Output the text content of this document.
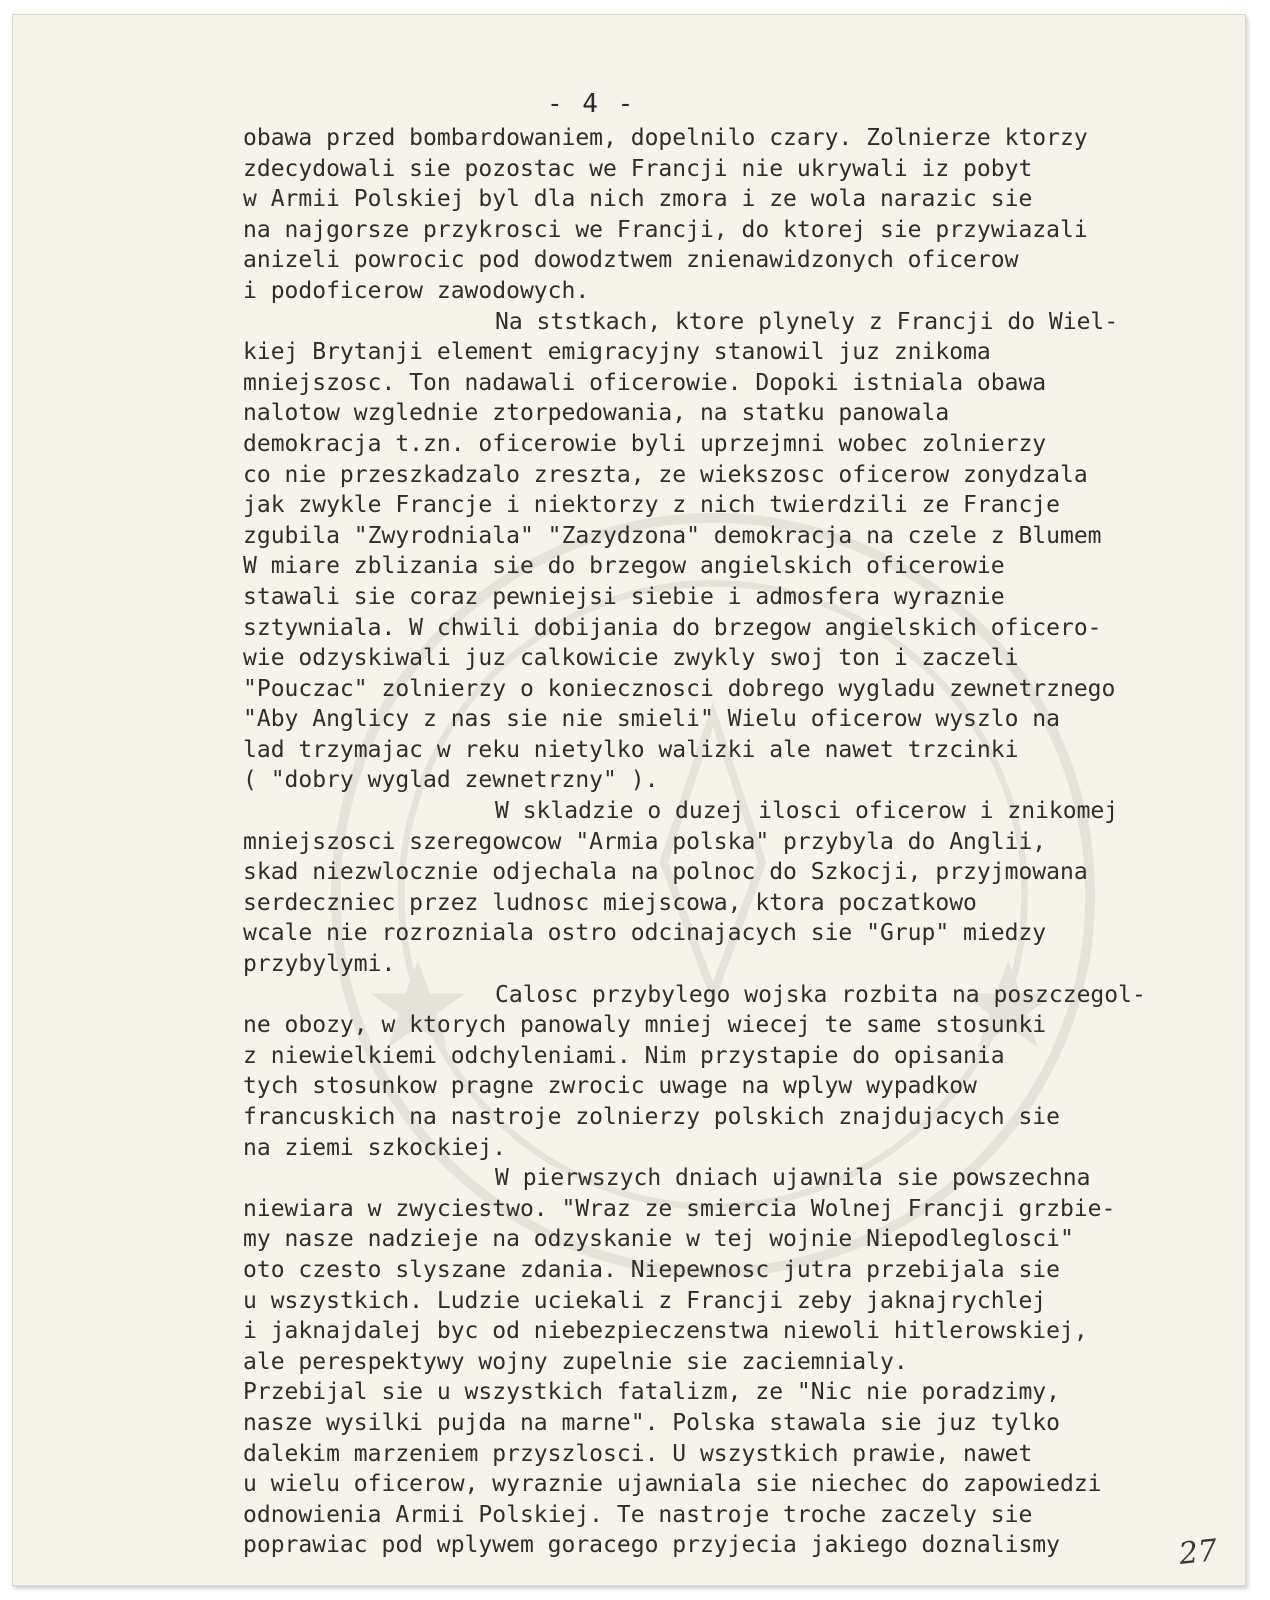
- 4 -
obawa przed bombardowaniem, dopelnilo czary. Zolnierze ktorzy
zdecydowali sie pozostac we Francji nie ukrywali iz pobyt
w Armii Polskiej byl dla nich zmora i ze wola narazic sie
na najgorsze przykrosci we Francji, do ktorej sie przywiazali
anizeli powrocic pod dowodztwem znienawidzonych oficerow
i podoficerow zawodowych.
Na ststkach, ktore plynely z Francji do Wiel-
kiej Brytanji element emigracyjny stanowil juz znikoma
mniejszosc. Ton nadawali oficerowie. Dopoki istniala obawa
nalotow wzglednie ztorpedowania, na statku panowala
demokracja t.zn. oficerowie byli uprzejmni wobec zolnierzy
co nie przeszkadzalo zreszta, ze wiekszosc oficerow zonydzala
jak zwykle Francje i niektorzy z nich twierdzili ze Francje
zgubila "Zwyrodniala" "Zazydzona" demokracja na czele z Blumem
W miare zblizania sie do brzegow angielskich oficerowie
stawali sie coraz pewniejsi siebie i admosfera wyraznie
sztywniala. W chwili dobijania do brzegow angielskich oficero-
wie odzyskiwali juz calkowicie zwykly swoj ton i zaczeli
"Pouczac" zolnierzy o koniecznosci dobrego wygladu zewnetrznego
"Aby Anglicy z nas sie nie smieli" Wielu oficerow wyszlo na
lad trzymajac w reku nietylko walizki ale nawet trzcinki
( "dobry wyglad zewnetrzny" ).
W skladzie o duzej ilosci oficerow i znikomej
mniejszosci szeregowcow "Armia polska" przybyla do Anglii,
skad niezwlocznie odjechala na polnoc do Szkocji, przyjmowana
serdeczniec przez ludnosc miejscowa, ktora poczatkowo
wcale nie rozrozniala ostro odcinajacych sie "Grup" miedzy
przybylymi.
Calosc przybylego wojska rozbita na poszczegol-
ne obozy, w ktorych panowaly mniej wiecej te same stosunki
z niewielkiemi odchyleniami. Nim przystapie do opisania
tych stosunkow pragne zwrocic uwage na wplyw wypadkow
francuskich na nastroje zolnierzy polskich znajdujacych sie
na ziemi szkockiej.
W pierwszych dniach ujawnila sie powszechna
niewiara w zwyciestwo. "Wraz ze smiercia Wolnej Francji grzbie-
my nasze nadzieje na odzyskanie w tej wojnie Niepodleglosci"
oto czesto slyszane zdania. Niepewnosc jutra przebijala sie
u wszystkich. Ludzie uciekali z Francji zeby jaknajrychlej
i jaknajdalej byc od niebezpieczenstwa niewoli hitlerowskiej,
ale perespektywy wojny zupelnie sie zaciemnialy.
Przebijal sie u wszystkich fatalizm, ze "Nic nie poradzimy,
nasze wysilki pujda na marne". Polska stawala sie juz tylko
dalekim marzeniem przyszlosci. U wszystkich prawie, nawet
u wielu oficerow, wyraznie ujawniala sie niechec do zapowiedzi
odnowienia Armii Polskiej. Te nastroje troche zaczely sie
poprawiac pod wplywem goracego przyjecia jakiego doznalismy	27
